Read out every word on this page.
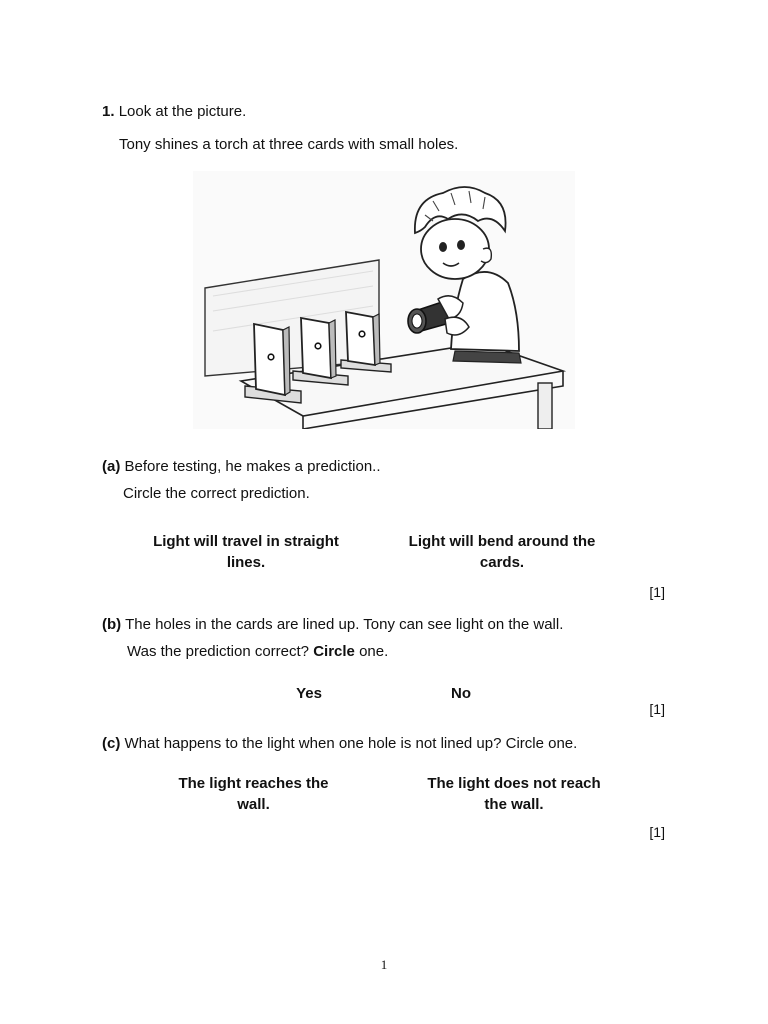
1. Look at the picture.
Tony shines a torch at three cards with small holes.
(a) Before testing, he makes a prediction..
Circle the correct prediction.
Light will travel in straight
lines.
Light will bend around the
cards.
[1]
(b) The holes in the cards are lined up. Tony can see light on the wall.
Was the prediction correct? Circle one.
Yes	No
[1]
(c) What happens to the light when one hole is not lined up? Circle one.
The light reaches the
wall.
The light does not reach
the wall.
[1]
1
